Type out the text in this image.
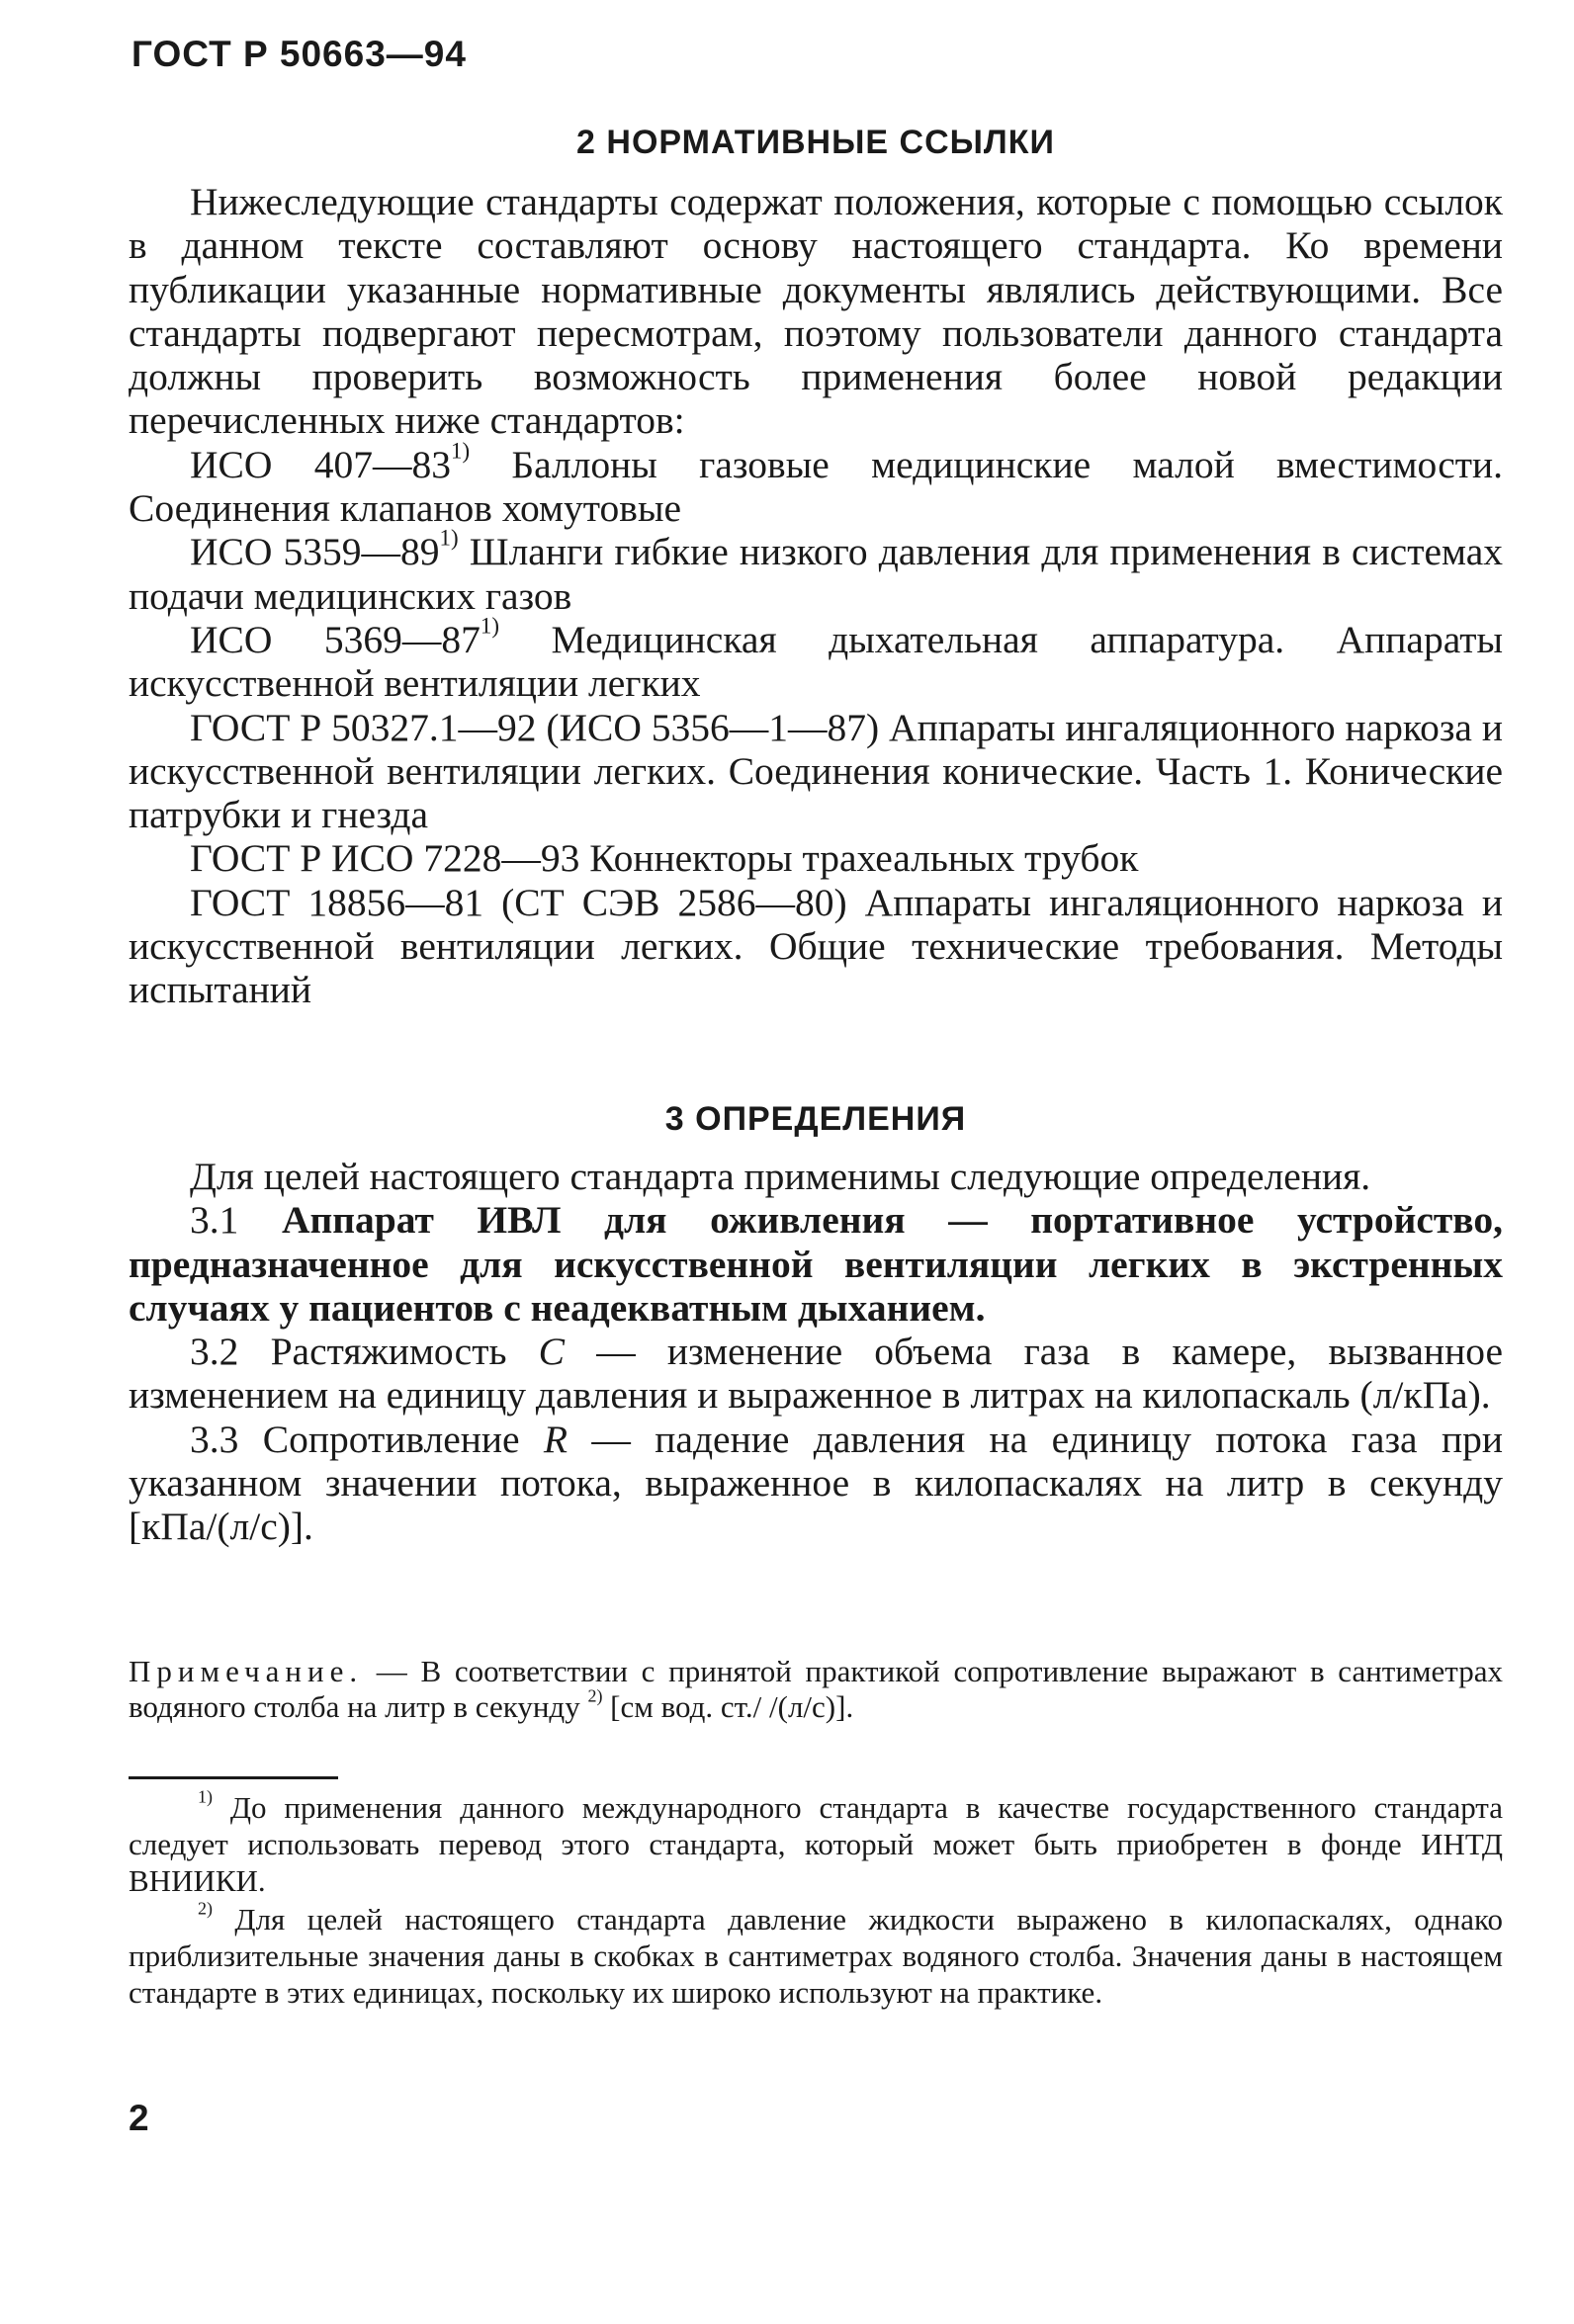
ГОСТ Р 50663—94
2 НОРМАТИВНЫЕ ССЫЛКИ

Нижеследующие стандарты содержат положения, которые с помощью ссылок в данном тексте составляют основу настоящего стандарта. Ко времени публикации указанные нормативные документы являлись действующими. Все стандарты подвергают пересмотрам, поэтому пользователи данного стандарта должны проверить возможность применения более новой редакции перечисленных ниже стандартов:

ИСО 407—83$^{1)}$ Баллоны газовые медицинские малой вместимости. Соединения клапанов хомутовые

ИСО 5359—89$^{1)}$ Шланги гибкие низкого давления для применения в системах подачи медицинских газов

ИСО 5369—87$^{1)}$ Медицинская дыхательная аппаратура. Аппараты искусственной вентиляции легких

ГОСТ Р 50327.1—92 (ИСО 5356—1—87) Аппараты ингаляционного наркоза и искусственной вентиляции легких. Соединения конические. Часть 1. Конические патрубки и гнезда

ГОСТ Р ИСО 7228—93 Коннекторы трахеальных трубок

ГОСТ 18856—81 (СТ СЭВ 2586—80) Аппараты ингаляционного наркоза и искусственной вентиляции легких. Общие технические требования. Методы испытаний

3 ОПРЕДЕЛЕНИЯ

Для целей настоящего стандарта применимы следующие определения.

3.1 Аппарат ИВЛ для оживления — портативное устройство, предназначенное для искусственной вентиляции легких в экстренных случаях у пациентов с неадекватным дыханием.

3.2 Растяжимость C — изменение объема газа в камере, вызванное изменением на единицу давления и выраженное в литрах на килопаскаль (л/кПа).

3.3 Сопротивление R — падение давления на единицу потока газа при указанном значении потока, выраженное в килопаскалях на литр в секунду [кПа/(л/с)].

Примечание. — В соответствии с принятой практикой сопротивление выражают в сантиметрах водяного столба на литр в секунду $^{2)}$ [см вод. ст./ /(л/с)].

$^{1)}$ До применения данного международного стандарта в качестве государственного стандарта следует использовать перевод этого стандарта, который может быть приобретен в фонде ИНТД ВНИИКИ.

$^{2)}$ Для целей настоящего стандарта давление жидкости выражено в килопаскалях, однако приблизительные значения даны в скобках в сантиметрах водяного столба. Значения даны в настоящем стандарте в этих единицах, поскольку их широко используют на практике.

2
